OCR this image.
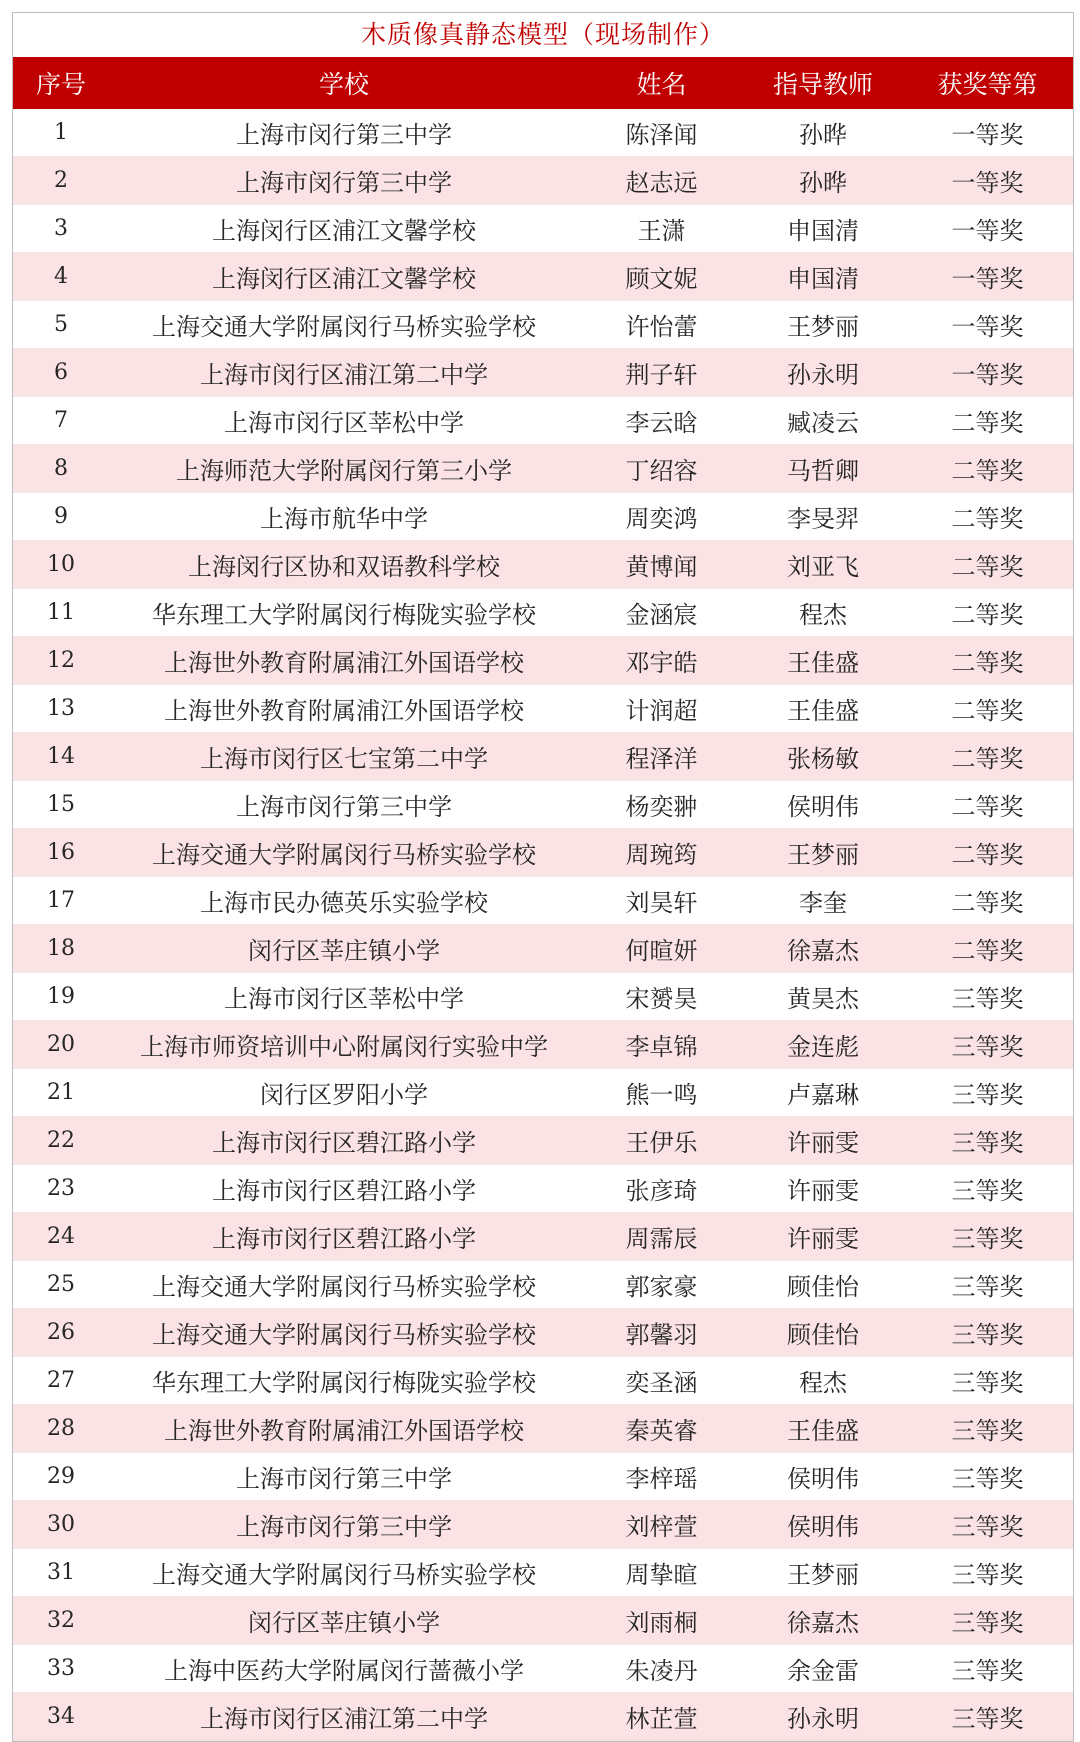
木质像真静态模型（现场制作）
序号	学校	姓名	指导教师	获奖等第
1	上海市闵行第三中学	陈泽闻	孙晔	一等奖
2	上海市闵行第三中学	赵志远	孙晔	一等奖
3	上海闵行区浦江文馨学校	王潇	申国清	一等奖
4	上海闵行区浦江文馨学校	顾文妮	申国清	一等奖
5	上海交通大学附属闵行马桥实验学校	许怡蕾	王梦丽	一等奖
6	上海市闵行区浦江第二中学	荆子轩	孙永明	一等奖
7	上海市闵行区莘松中学	李云晗	臧凌云	二等奖
8	上海师范大学附属闵行第三小学	丁绍容	马哲卿	二等奖
9	上海市航华中学	周奕鸿	李旻羿	二等奖
10	上海闵行区协和双语教科学校	黄博闻	刘亚飞	二等奖
11	华东理工大学附属闵行梅陇实验学校	金涵宸	程杰	二等奖
12	上海世外教育附属浦江外国语学校	邓宇皓	王佳盛	二等奖
13	上海世外教育附属浦江外国语学校	计润超	王佳盛	二等奖
14	上海市闵行区七宝第二中学	程泽洋	张杨敏	二等奖
15	上海市闵行第三中学	杨奕翀	侯明伟	二等奖
16	上海交通大学附属闵行马桥实验学校	周琬筠	王梦丽	二等奖
17	上海市民办德英乐实验学校	刘昊轩	李奎	二等奖
18	闵行区莘庄镇小学	何暄妍	徐嘉杰	二等奖
19	上海市闵行区莘松中学	宋赟昊	黄昊杰	三等奖
20	上海市师资培训中心附属闵行实验中学	李卓锦	金连彪	三等奖
21	闵行区罗阳小学	熊一鸣	卢嘉琳	三等奖
22	上海市闵行区碧江路小学	王伊乐	许丽雯	三等奖
23	上海市闵行区碧江路小学	张彦琦	许丽雯	三等奖
24	上海市闵行区碧江路小学	周霈辰	许丽雯	三等奖
25	上海交通大学附属闵行马桥实验学校	郭家豪	顾佳怡	三等奖
26	上海交通大学附属闵行马桥实验学校	郭馨羽	顾佳怡	三等奖
27	华东理工大学附属闵行梅陇实验学校	奕圣涵	程杰	三等奖
28	上海世外教育附属浦江外国语学校	秦英睿	王佳盛	三等奖
29	上海市闵行第三中学	李梓瑶	侯明伟	三等奖
30	上海市闵行第三中学	刘梓萱	侯明伟	三等奖
31	上海交通大学附属闵行马桥实验学校	周挚暄	王梦丽	三等奖
32	闵行区莘庄镇小学	刘雨桐	徐嘉杰	三等奖
33	上海中医药大学附属闵行蔷薇小学	朱凌丹	余金雷	三等奖
34	上海市闵行区浦江第二中学	林芷萱	孙永明	三等奖
